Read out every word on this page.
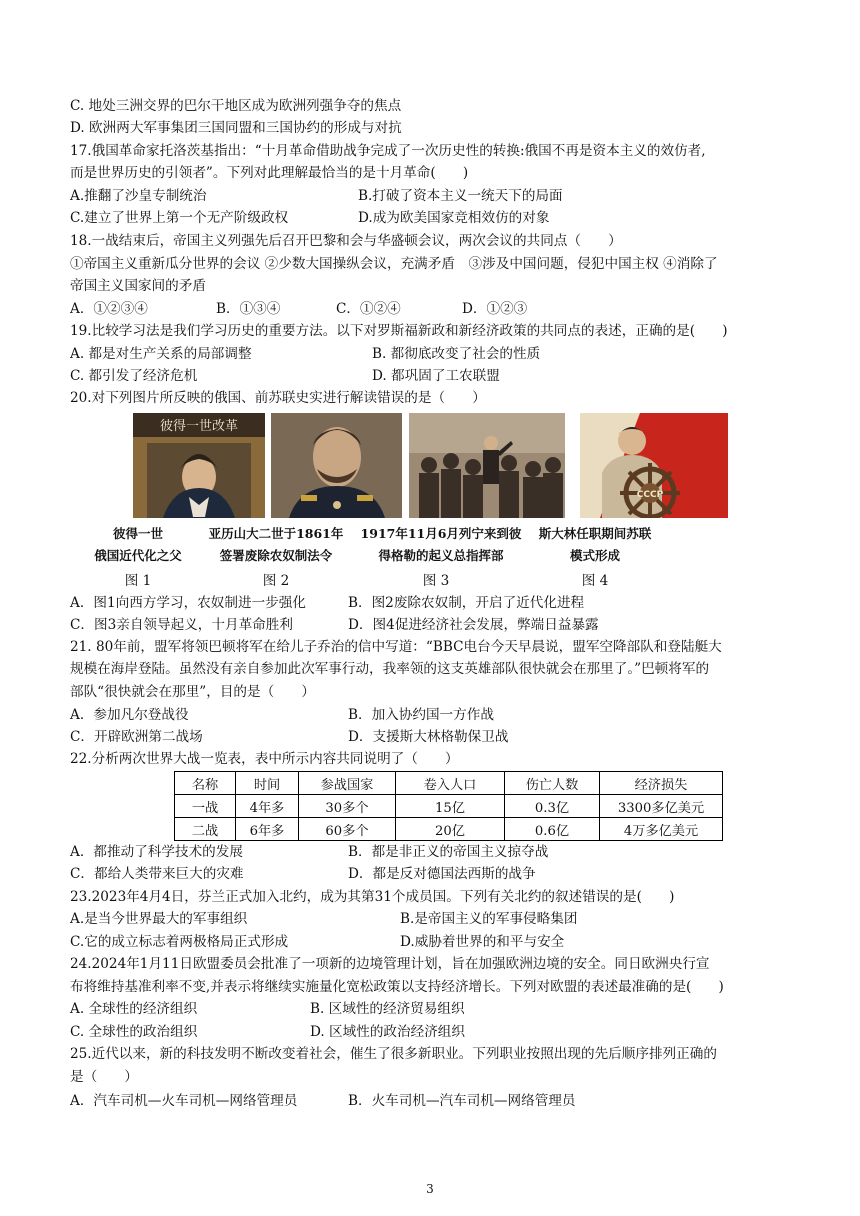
C. 地处三洲交界的巴尔干地区成为欧洲列强争夺的焦点
D. 欧洲两大军事集团三国同盟和三国协约的形成与对抗
17.俄国革命家托洛茨基指出：“十月革命借助战争完成了一次历史性的转换:俄国不再是资本主义的效仿者,
而是世界历史的引领者”。下列对此理解最恰当的是十月革命(　　)
A.推翻了沙皇专制统治	B.打破了资本主义一统天下的局面
C.建立了世界上第一个无产阶级政权	D.成为欧美国家竞相效仿的对象
18.一战结束后，帝国主义列强先后召开巴黎和会与华盛顿会议，两次会议的共同点（　　）
①帝国主义重新瓜分世界的会议 ②少数大国操纵会议，充满矛盾　③涉及中国问题，侵犯中国主权 ④消除了
帝国主义国家间的矛盾
A．①②③④	B．①③④	C．①②④	D．①②③
19.比较学习法是我们学习历史的重要方法。以下对罗斯福新政和新经济政策的共同点的表述，正确的是(　　)
A. 都是对生产关系的局部调整	B. 都彻底改变了社会的性质
C. 都引发了经济危机	D. 都巩固了工农联盟
20.对下列图片所反映的俄国、前苏联史实进行解读错误的是（　　）
彼得一世改革
CCCP
彼得一世
俄国近代化之父
图 1
亚历山大二世于1861年
签署废除农奴制法令
图 2
1917年11月6月列宁来到彼
得格勒的起义总指挥部
图 3
斯大林任职期间苏联
模式形成
图 4
A．图1向西方学习，农奴制进一步强化	B．图2废除农奴制，开启了近代化进程
C．图3亲自领导起义，十月革命胜利	D．图4促进经济社会发展，弊端日益暴露
21. 80年前，盟军将领巴顿将军在给儿子乔治的信中写道：“BBC电台今天早晨说，盟军空降部队和登陆艇大
规模在海岸登陆。虽然没有亲自参加此次军事行动，我率领的这支英雄部队很快就会在那里了。”巴顿将军的
部队“很快就会在那里”，目的是（　　）
A．参加凡尔登战役	B．加入协约国一方作战
C．开辟欧洲第二战场	D．支援斯大林格勒保卫战
22.分析两次世界大战一览表，表中所示内容共同说明了（　　）
名称	时间	参战国家	卷入人口	伤亡人数	经济损失
一战	4年多	30多个	15亿	0.3亿	3300多亿美元
二战	6年多	60多个	20亿	0.6亿	4万多亿美元
A．都推动了科学技术的发展	B．都是非正义的帝国主义掠夺战
C．都给人类带来巨大的灾难	D．都是反对德国法西斯的战争
23.2023年4月4日，芬兰正式加入北约，成为其第31个成员国。下列有关北约的叙述错误的是(　　)
A.是当今世界最大的军事组织	B.是帝国主义的军事侵略集团
C.它的成立标志着两极格局正式形成	D.威胁着世界的和平与安全
24.2024年1月11日欧盟委员会批准了一项新的边境管理计划，旨在加强欧洲边境的安全。同日欧洲央行宣
布将维持基准利率不变,并表示将继续实施量化宽松政策以支持经济增长。下列对欧盟的表述最准确的是(　　)
A. 全球性的经济组织	B. 区域性的经济贸易组织
C. 全球性的政治组织	D. 区域性的政治经济组织
25.近代以来，新的科技发明不断改变着社会，催生了很多新职业。下列职业按照出现的先后顺序排列正确的
是（　　）
A．汽车司机—火车司机—网络管理员	B．火车司机—汽车司机—网络管理员
3
